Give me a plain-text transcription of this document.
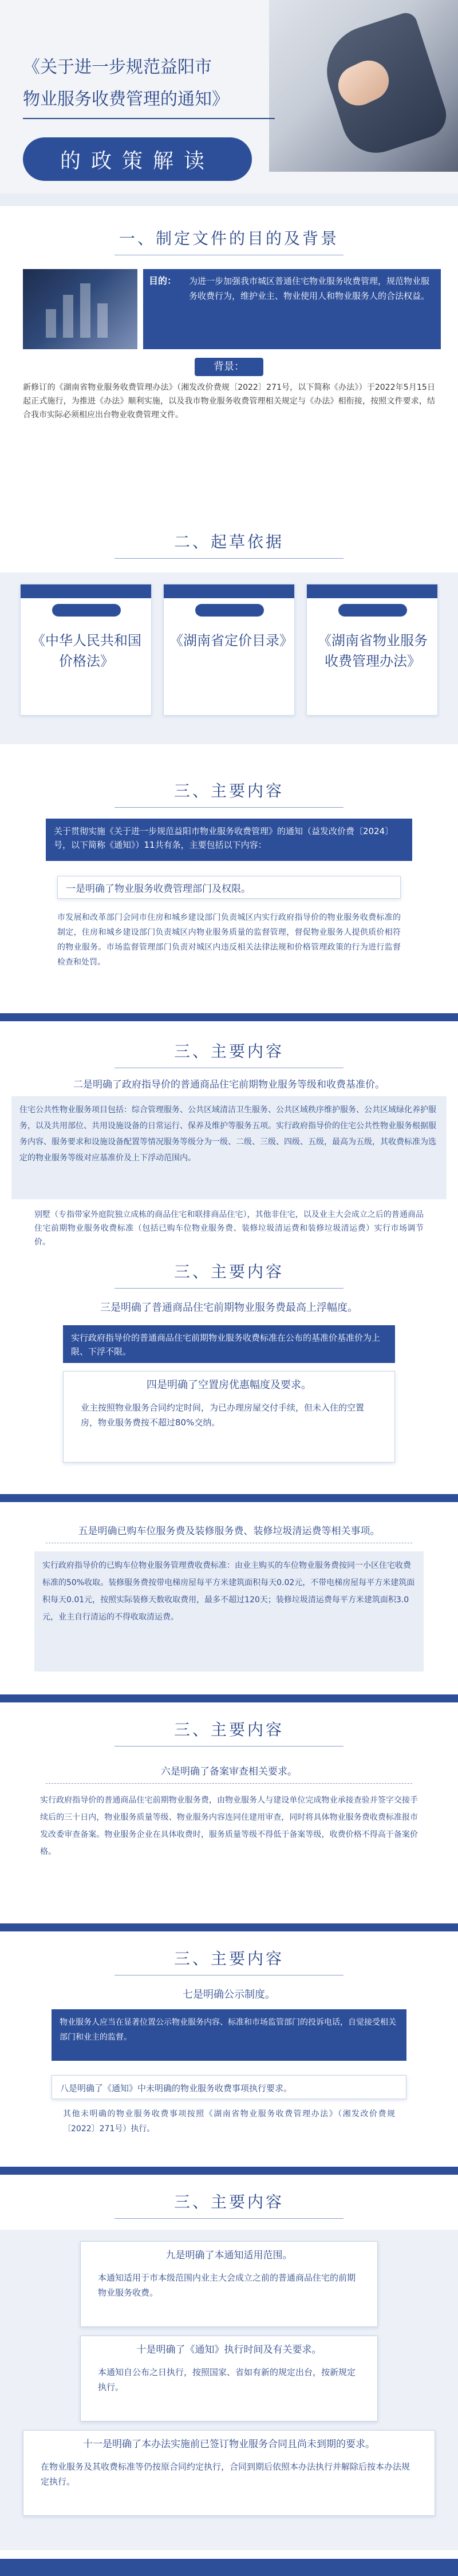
《关于进一步规范益阳市
物业服务收费管理的通知》
的政策解读
一、制定文件的目的及背景
为进一步加强我市城区普通住宅物业服务收费管理，规范物业服务收费行为，维护业主、物业使用人和物业服务人的合法权益。
目的：
背景：
新修订的《湖南省物业服务收费管理办法》（湘发改价费规〔2022〕271号，以下简称《办法》）于2022年5月15日起正式施行，为推进《办法》顺利实施，以及我市物业服务收费管理相关规定与《办法》相衔接，按照文件要求，结合我市实际必须相应出台物业收费管理文件。
二、起草依据
《中华人民共和国价格法》
《湖南省定价目录》	《湖南省物业服务收费管理办法》
三、主要内容
关于贯彻实施《关于进一步规范益阳市物业服务收费管理》的通知（益发改价费〔2024〕号，以下简称《通知》）11共有条，主要包括以下内容：
一是明确了物业服务收费管理部门及权限。
市发展和改革部门会同市住房和城乡建设部门负责城区内实行政府指导价的物业服务收费标准的制定，住房和城乡建设部门负责城区内物业服务质量的监督管理，督促物业服务人提供质价相符的物业服务。市场监督管理部门负责对城区内违反相关法律法规和价格管理政策的行为进行监督检查和处罚。
三、主要内容
二是明确了政府指导价的普通商品住宅前期物业服务等级和收费基准价。
住宅公共性物业服务项目包括：综合管理服务、公共区域清洁卫生服务、公共区域秩序维护服务、公共区域绿化养护服务，以及共用部位、共用设施设备的日常运行、保养及维护等服务五项。实行政府指导价的住宅公共性物业服务根据服务内容、服务要求和设施设备配置等情况服务等级分为一级、二级、三级、四级、五级，最高为五级，其收费标准为选定的物业服务等级对应基准价及上下浮动范围内。
别墅（专指带家外庭院独立成栋的商品住宅和联排商品住宅），其他非住宅，以及业主大会成立之后的普通商品住宅前期物业服务收费标准（包括已购车位物业服务费、装修垃圾清运费和装修垃圾清运费）实行市场调节价。
三、主要内容
三是明确了普通商品住宅前期物业服务费最高上浮幅度。
实行政府指导价的普通商品住宅前期物业服务收费标准在公布的基准价基准价为上限、下浮不限。
四是明确了空置房优惠幅度及要求。
业主按照物业服务合同约定时间，为已办理房屋交付手续，但未入住的空置房，物业服务费按不超过80%交纳。
五是明确已购车位服务费及装修服务费、装修垃圾清运费等相关事项。
实行政府指导价的已购车位物业服务管理费收费标准：由业主购买的车位物业服务费按同一小区住宅收费标准的50%收取。装修服务费按带电梯房屋每平方米建筑面积每天0.02元，不带电梯房屋每平方米建筑面积每天0.01元，按照实际装修天数收取费用，最多不超过120天；装修垃圾清运费每平方米建筑面积3.0元，业主自行清运的不得收取清运费。
三、主要内容
六是明确了备案审查相关要求。
实行政府指导价的普通商品住宅前期物业服务费，由物业服务人与建设单位完成物业承接查验并签字交接手续后的三十日内，物业服务质量等级、物业服务内容连同住建用审查，同时将具体物业服务费收费标准报市发改委审查备案。物业服务企业在具体收费时，服务质量等级不得低于备案等级，收费价格不得高于备案价格。
三、主要内容
七是明确公示制度。
物业服务人应当在显著位置公示物业服务内容、标准和市场监管部门的投诉电话，自觉接受相关部门和业主的监督。
八是明确了《通知》中未明确的物业服务收费事项执行要求。
其他未明确的物业服务收费事项按照《湖南省物业服务收费管理办法》（湘发改价费规〔2022〕271号）执行。
三、主要内容
九是明确了本通知适用范围。
本通知适用于市本级范围内业主大会成立之前的普通商品住宅的前期物业服务收费。
十是明确了《通知》执行时间及有关要求。
本通知自公布之日执行，按照国家、省如有新的规定出台，按新规定执行。
十一是明确了本办法实施前已签订物业服务合同且尚未到期的要求。
在物业服务及其收费标准等仍按原合同约定执行，合同到期后依照本办法执行并解除后按本办法规定执行。
